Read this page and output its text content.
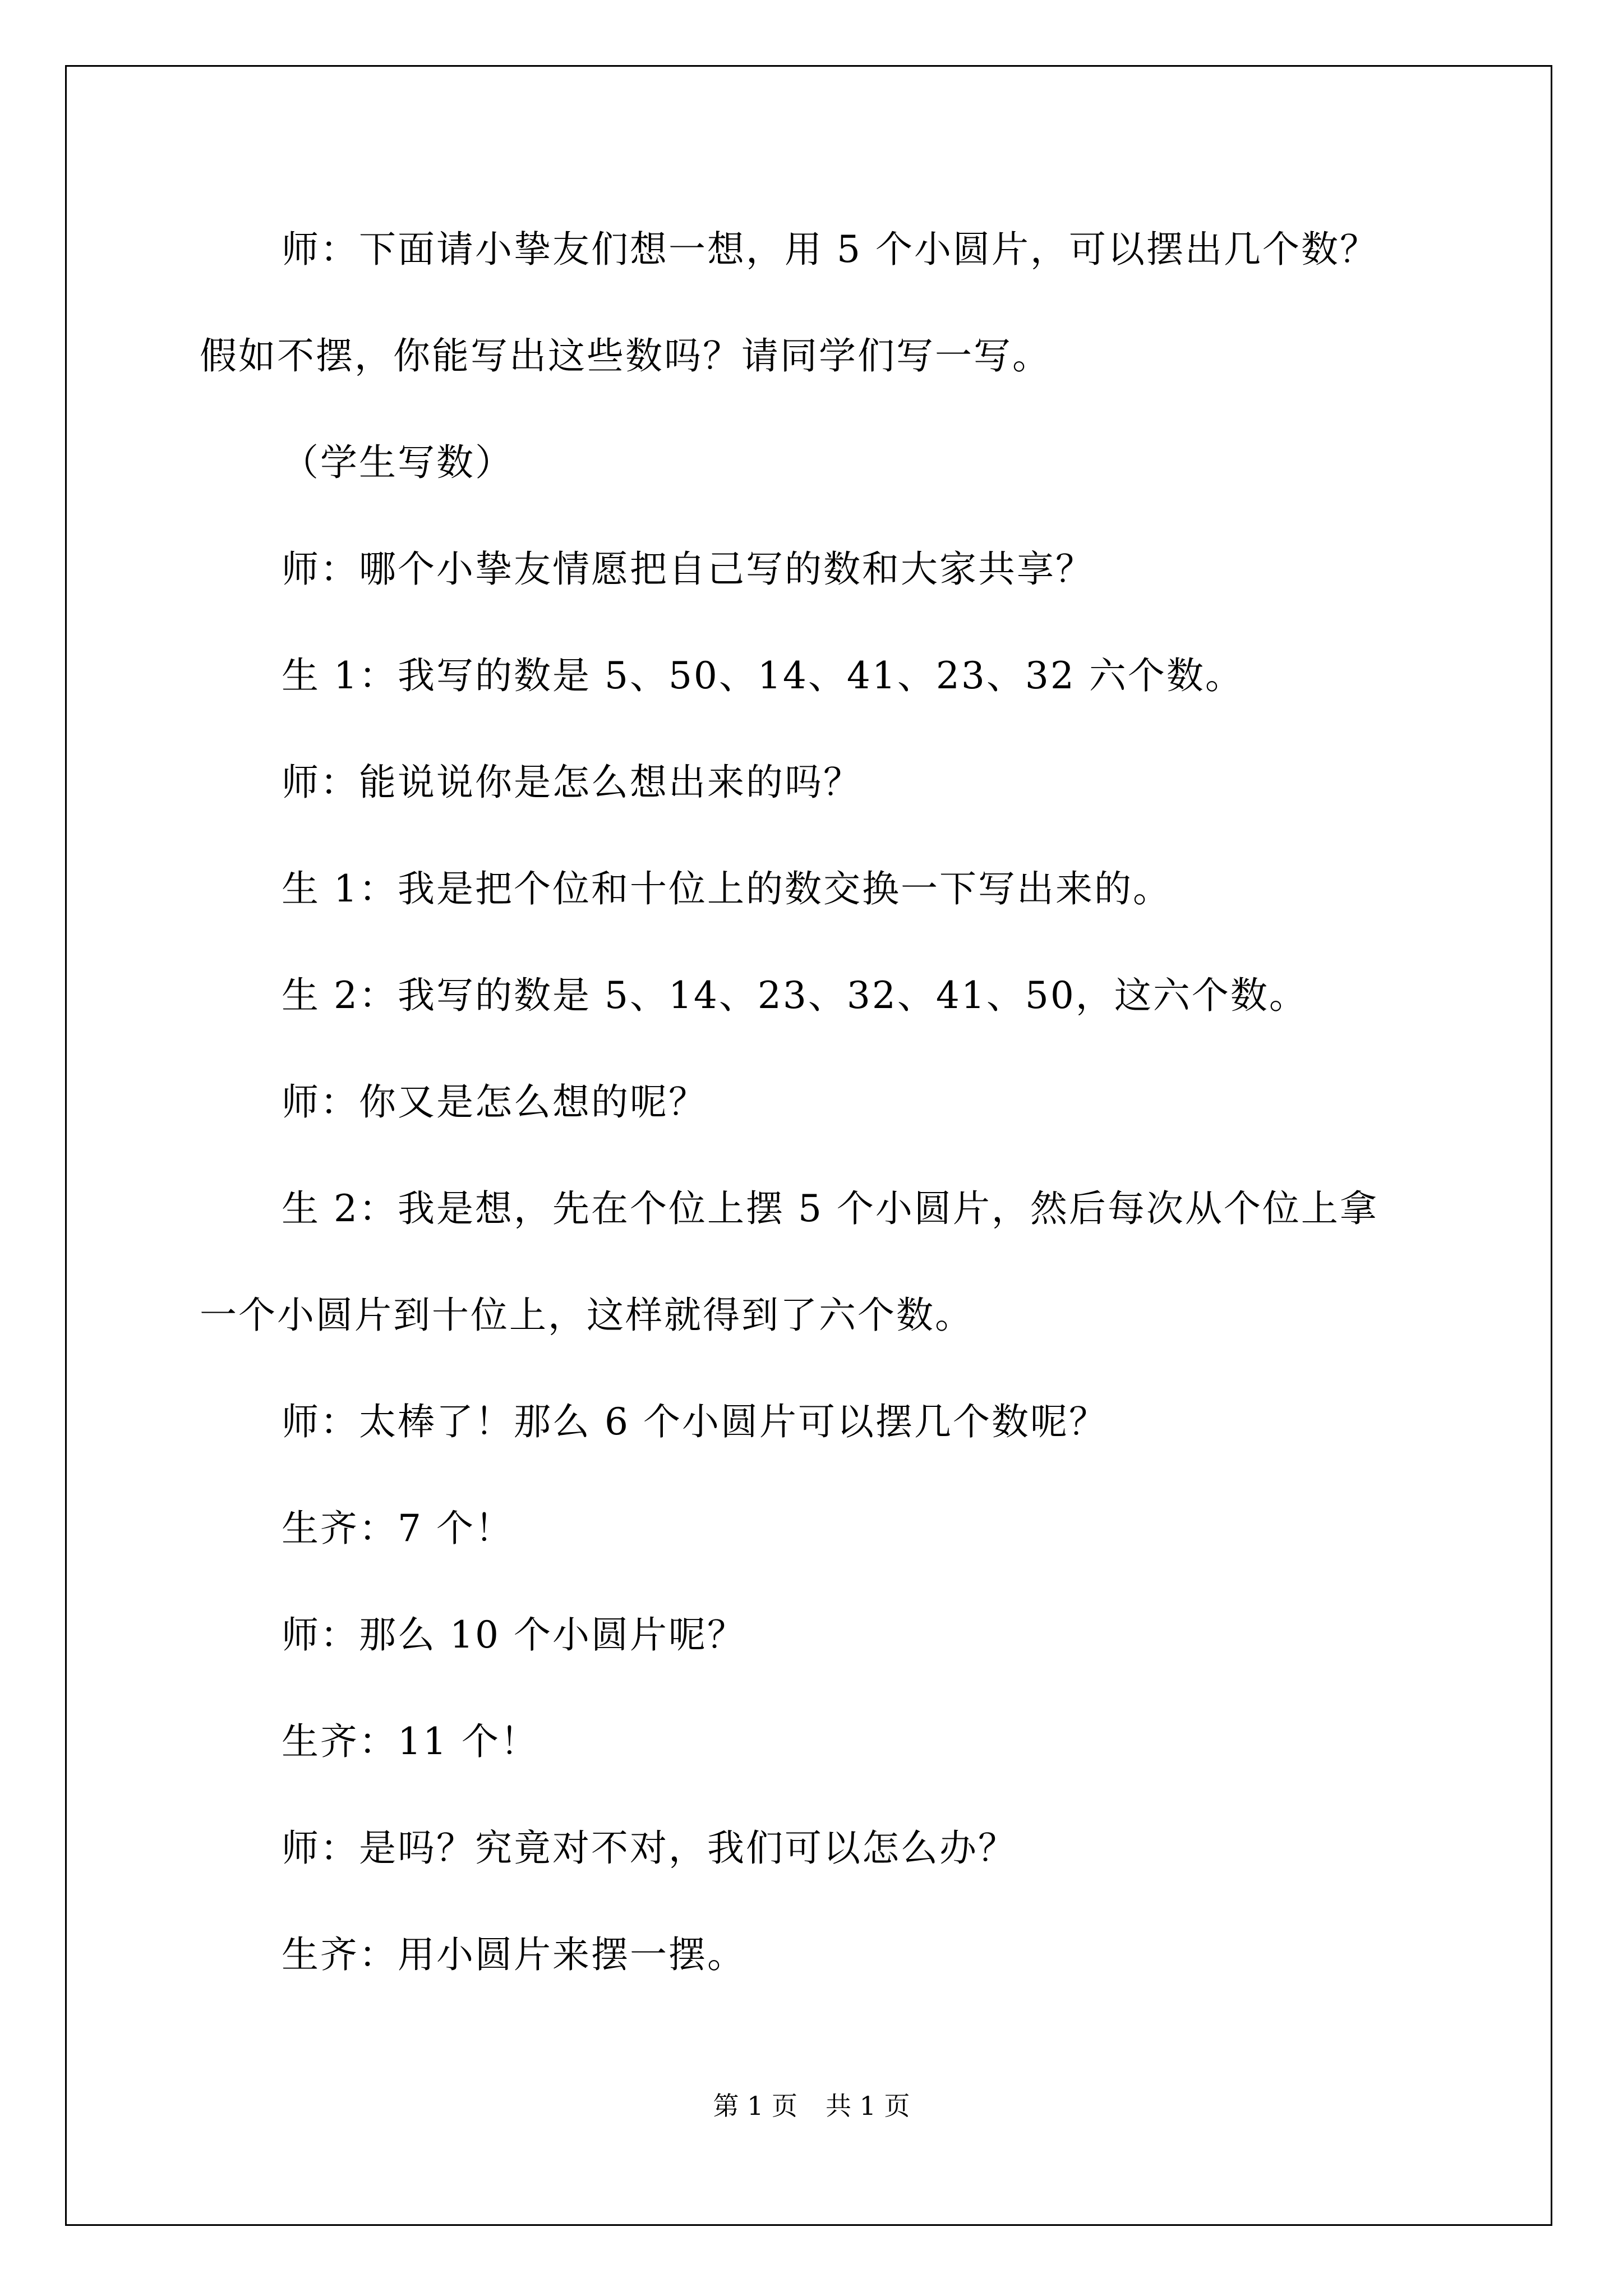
师：下面请小挚友们想一想，用 5 个小圆片，可以摆出几个数？

假如不摆，你能写出这些数吗？请同学们写一写。

（学生写数）

师：哪个小挚友情愿把自己写的数和大家共享？

生 1：我写的数是 5、50、14、41、23、32 六个数。

师：能说说你是怎么想出来的吗？

生 1：我是把个位和十位上的数交换一下写出来的。

生 2：我写的数是 5、14、23、32、41、50，这六个数。

师：你又是怎么想的呢？

生 2：我是想，先在个位上摆 5 个小圆片，然后每次从个位上拿

一个小圆片到十位上，这样就得到了六个数。

师：太棒了！那么 6 个小圆片可以摆几个数呢？

生齐：7 个！

师：那么 10 个小圆片呢？

生齐：11 个！

师：是吗？究竟对不对，我们可以怎么办？

生齐：用小圆片来摆一摆。

第 1 页 共 1 页
